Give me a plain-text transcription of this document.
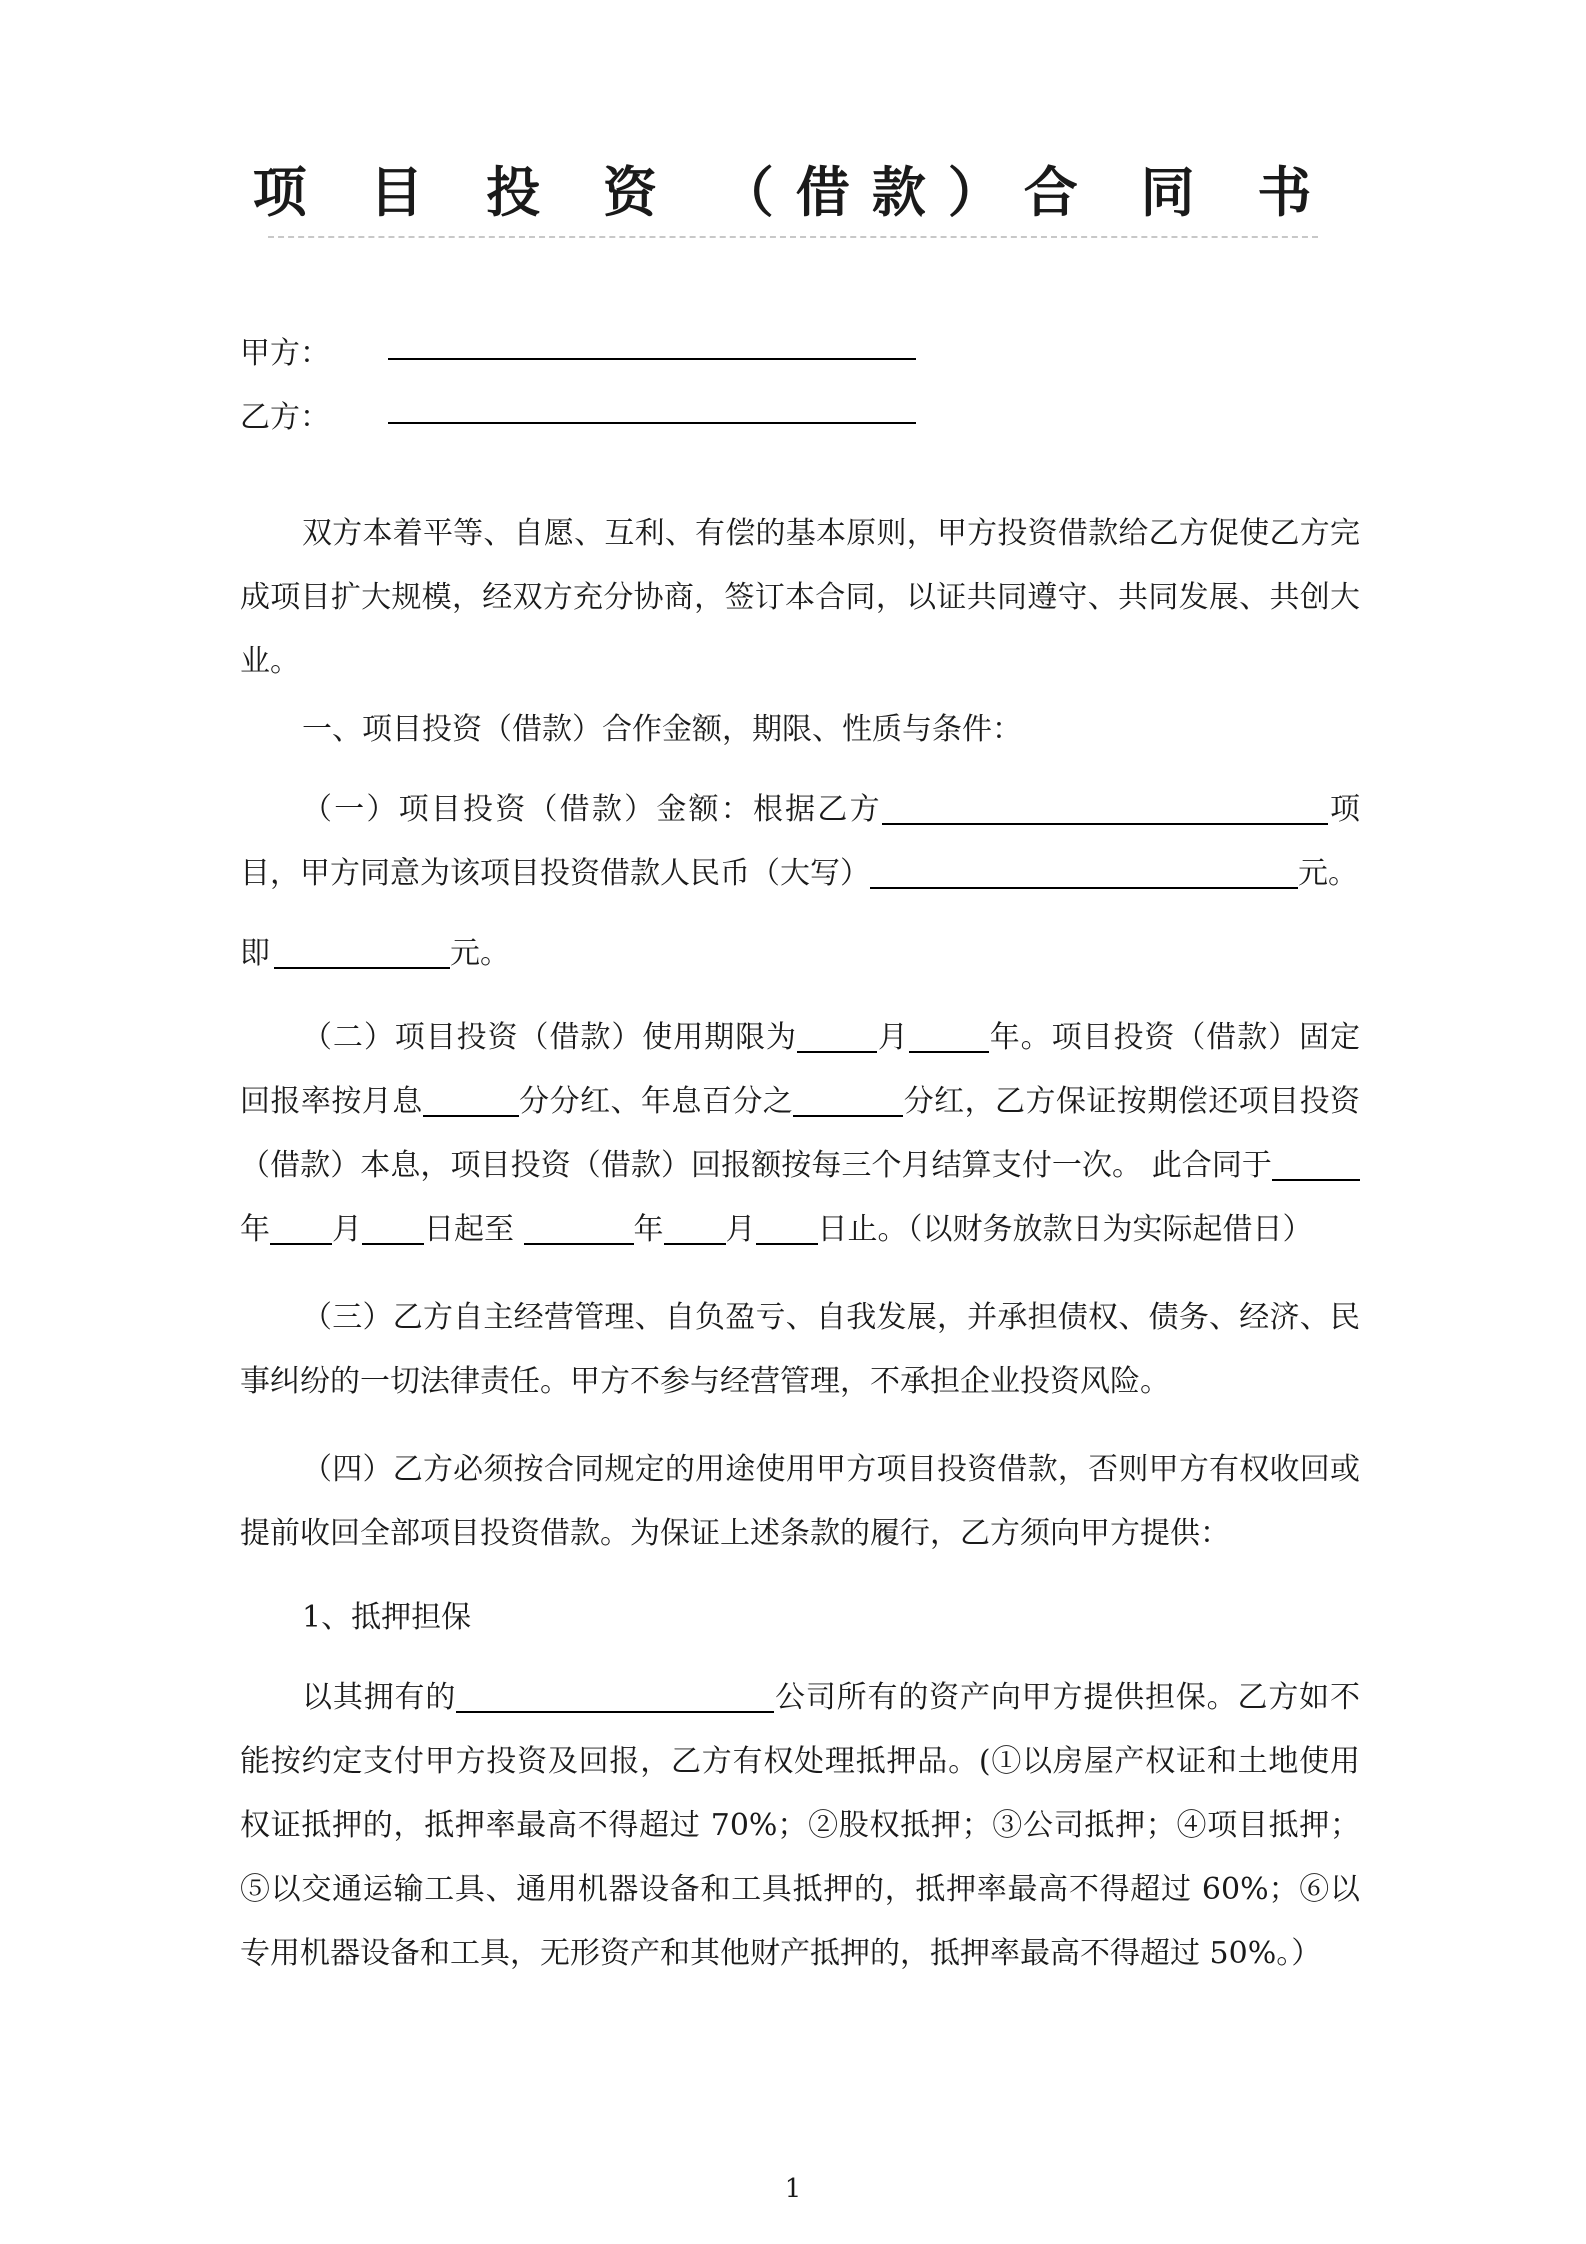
项 目 投 资 （借款）合 同 书
甲方：
乙方：

双方本着平等、自愿、互利、有偿的基本原则，甲方投资借款给乙方促使乙方完成项目扩大规模，经双方充分协商，签订本合同，以证共同遵守、共同发展、共创大业。

一、项目投资（借款）合作金额，期限、性质与条件：

（一）项目投资（借款）金额：根据乙方	项目，甲方同意为该项目投资借款人民币（大写）	元。

即	元。

（二）项目投资（借款）使用期限为	月	年。项目投资（借款）固定回报率按月息	分分红、年息百分之	分红，乙方保证按期偿还项目投资（借款）本息，项目投资（借款）回报额按每三个月结算支付一次。 此合同于年 月 日起至	年 月 日止。（以财务放款日为实际起借日）

（三）乙方自主经营管理、自负盈亏、自我发展，并承担债权、债务、经济、民事纠纷的一切法律责任。甲方不参与经营管理，不承担企业投资风险。

（四）乙方必须按合同规定的用途使用甲方项目投资借款，否则甲方有权收回或提前收回全部项目投资借款。为保证上述条款的履行，乙方须向甲方提供：

1、抵押担保

以其拥有的	公司所有的资产向甲方提供担保。乙方如不能按约定支付甲方投资及回报，乙方有权处理抵押品。(①以房屋产权证和土地使用权证抵押的，抵押率最高不得超过 70%；②股权抵押；③公司抵押；④项目抵押；⑤以交通运输工具、通用机器设备和工具抵押的，抵押率最高不得超过 60%；⑥以专用机器设备和工具，无形资产和其他财产抵押的，抵押率最高不得超过 50%。）

1
